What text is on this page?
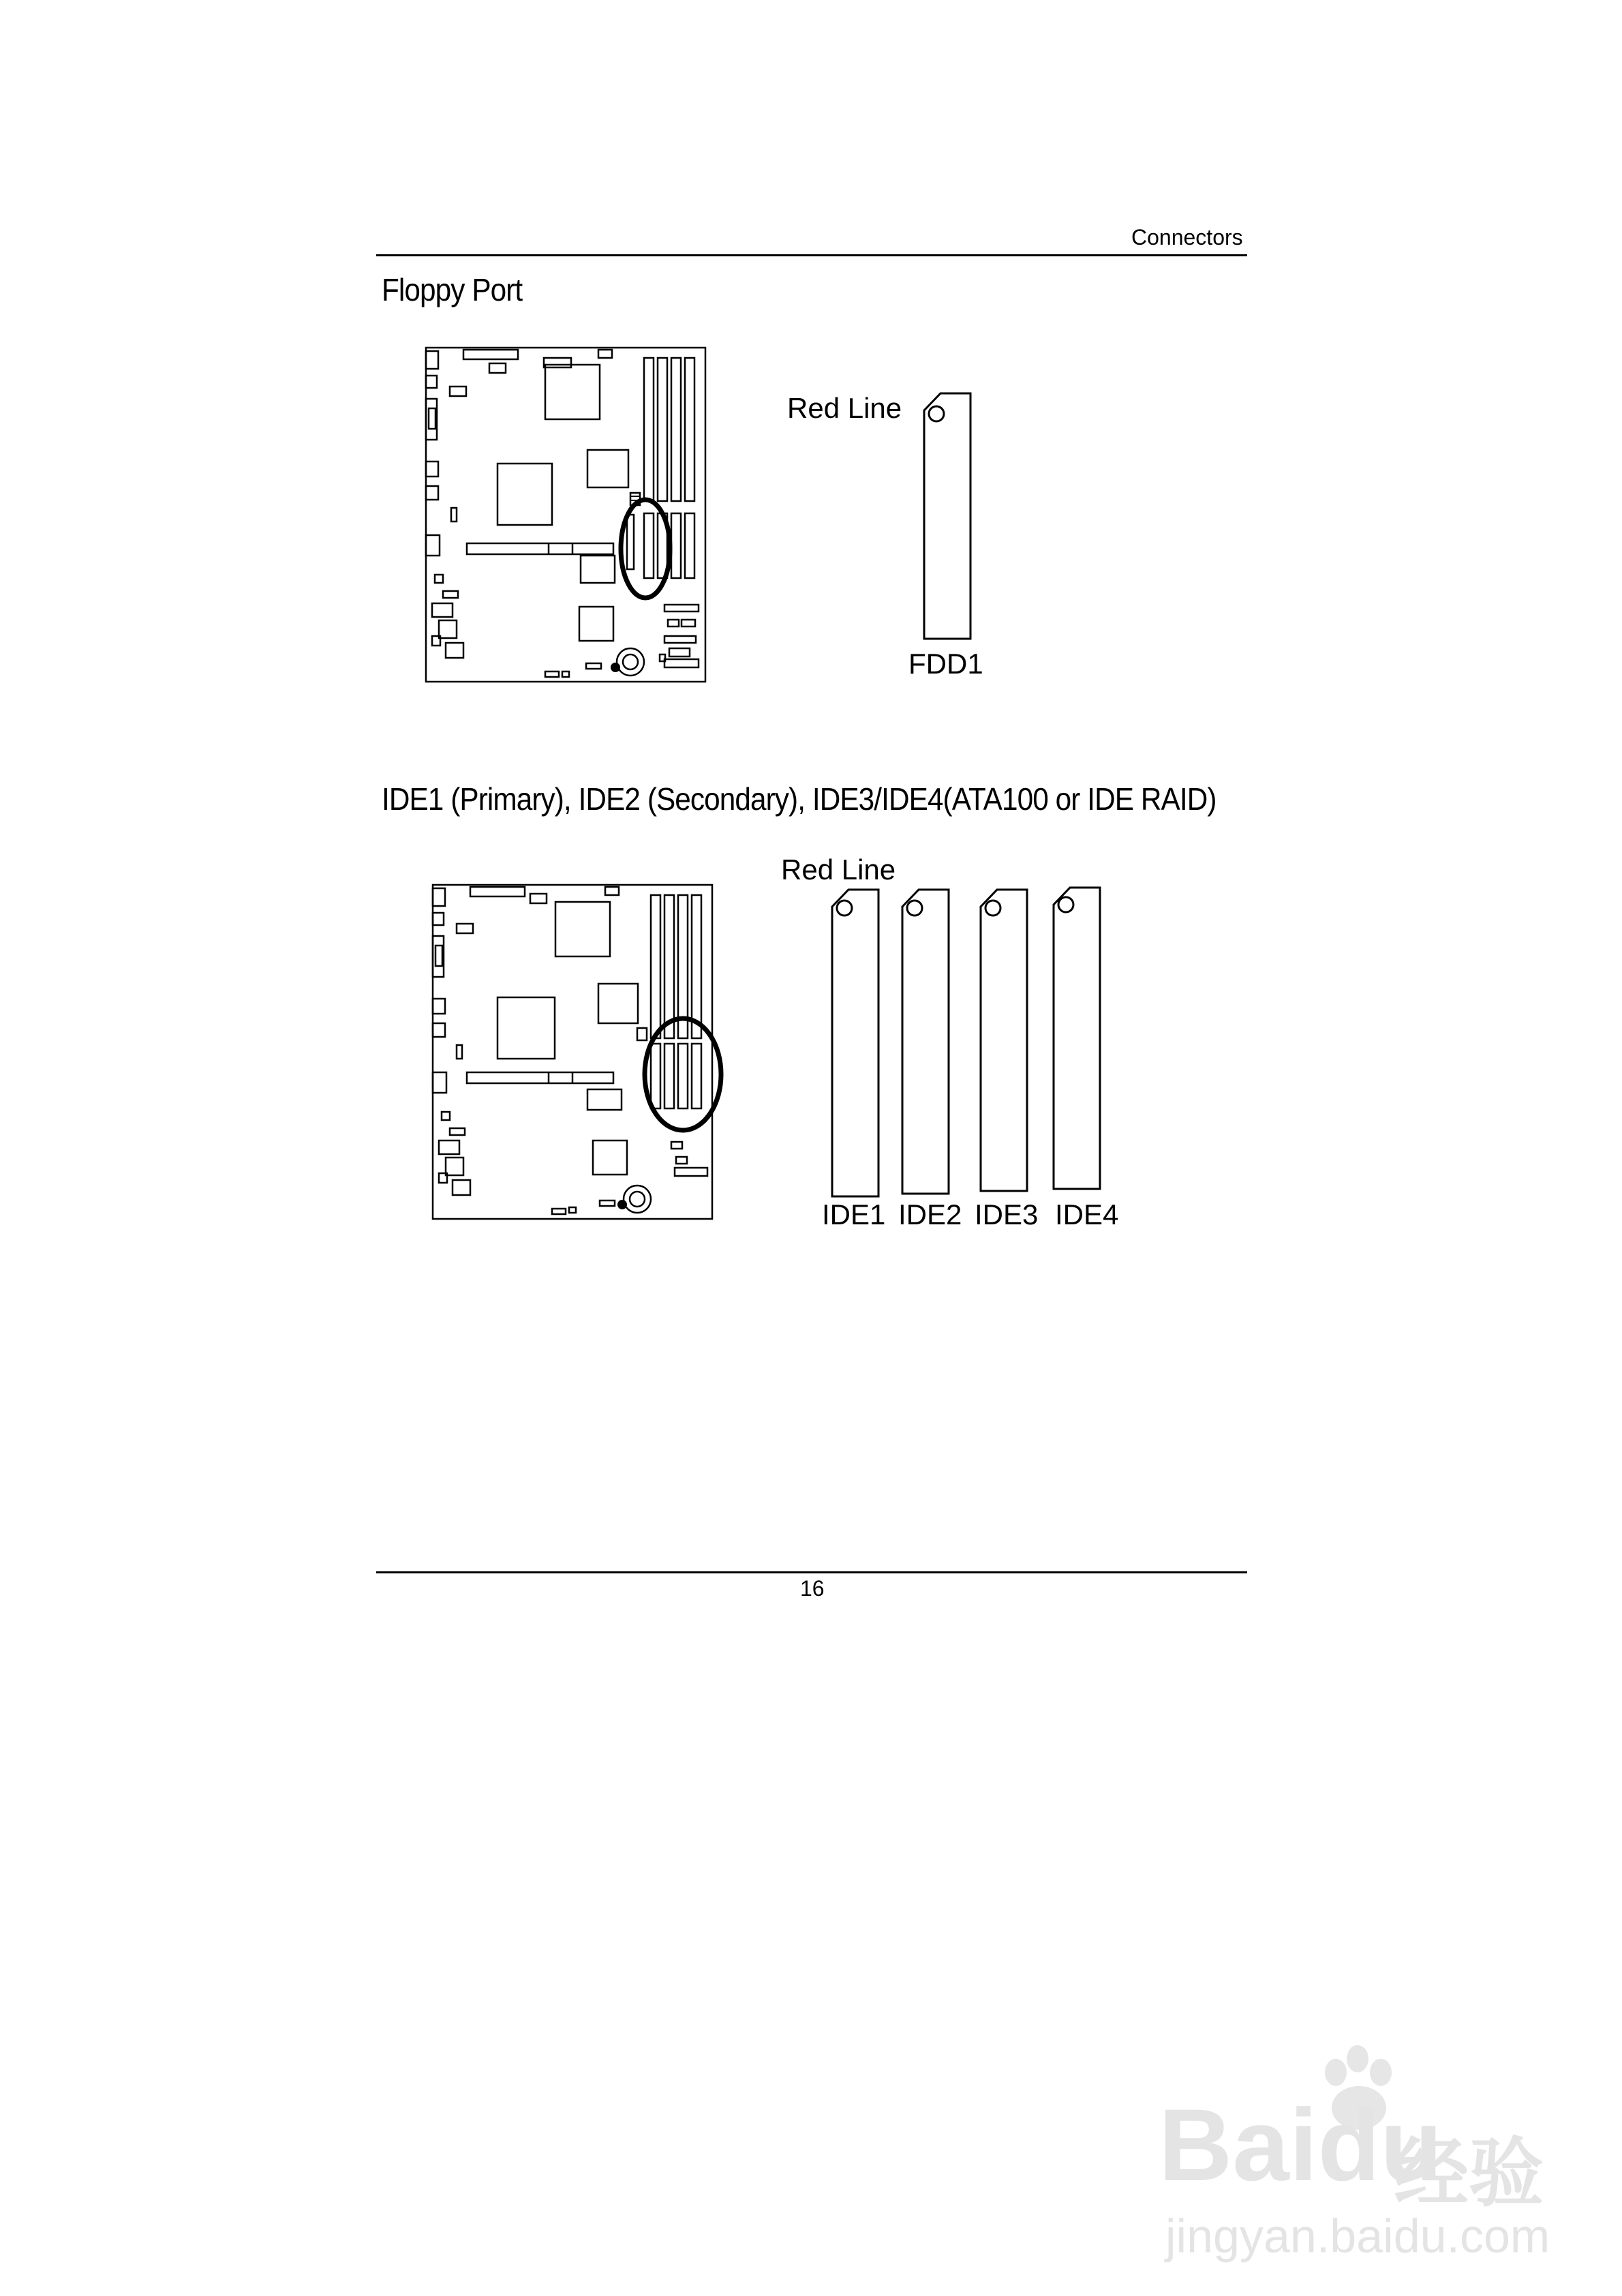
Connectors
Floppy Port
Red Line
FDD1
IDE1 (Primary), IDE2 (Secondary), IDE3/IDE4(ATA100 or IDE RAID)
Red Line
IDE1 IDE2 IDE3 IDE4
16
Baidu
经验
jingyan.baidu.com
